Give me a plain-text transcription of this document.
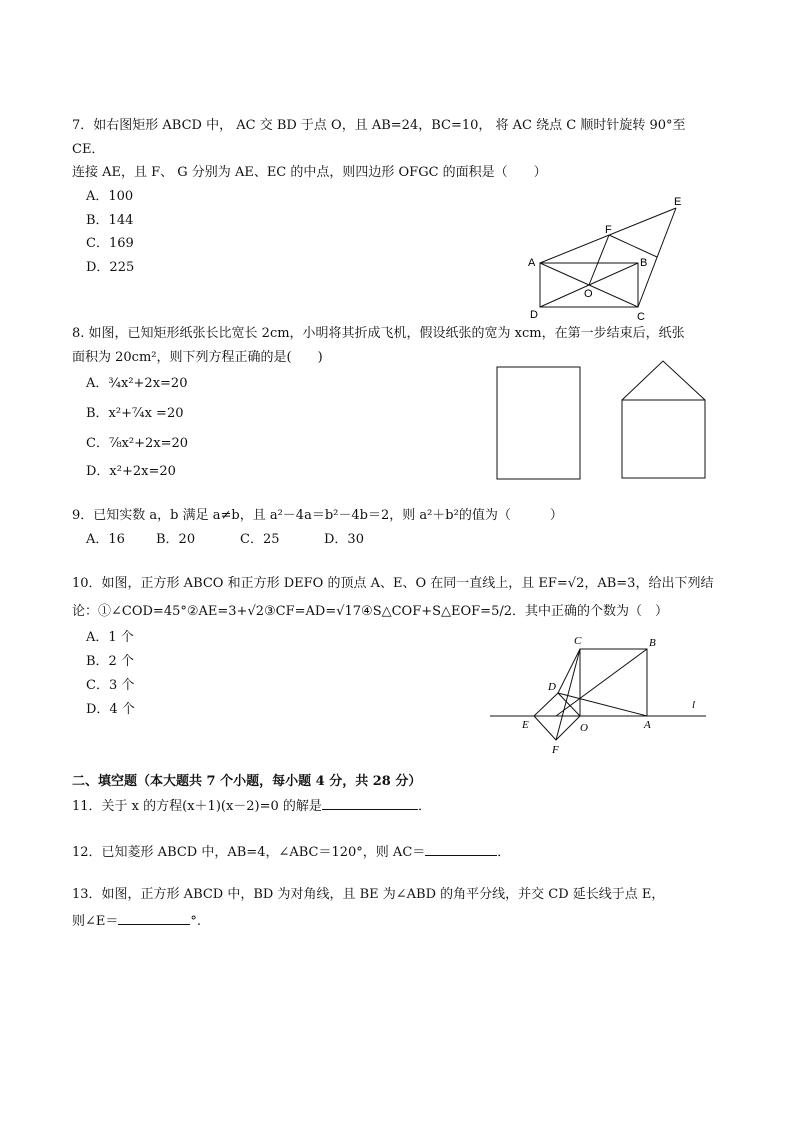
7．如右图矩形 ABCD 中， AC 交 BD 于点 O，且 AB=24，BC=10， 将 AC 绕点 C 顺时针旋转 90°至
CE．
连接 AE，且 F、 G 分别为 AE、EC 的中点，则四边形 OFGC 的面积是（　　）
A．100
B．144
C．169
D．225	A	B
C
D
E
F
O
8. 如图，已知矩形纸张长比宽长 2cm，小明将其折成飞机，假设纸张的宽为 xcm，在第一步结束后，纸张
面积为 20cm²，则下列方程正确的是(　　)
A．¾x²+2x=20
B．x²+⁷⁄₄x =20
C．⁷⁄₈x²+2x=20
D．x²+2x=20
9．已知实数 a，b 满足 a≠b，且 a²－4a＝b²－4b＝2，则 a²＋b²的值为（　　　）
A．16 B．20	C．25	D．30
10．如图，正方形 ABCO 和正方形 DEFO 的顶点 A、E、O 在同一直线上，且 EF=√2，AB=3，给出下列结
论：①∠COD=45°②AE=3+√2③CF=AD=√17④S△COF+S△EOF=5/2．其中正确的个数为（　）
A．1 个
B．2 个
C．3 个
D．4 个
C	B
D
E	O	A
F
l
二、填空题（本大题共 7 个小题，每小题 4 分，共 28 分）
11．关于 x 的方程(x＋1)(x－2)=0 的解是	．
12．已知菱形 ABCD 中，AB=4，∠ABC＝120°，则 AC＝	．
13．如图，正方形 ABCD 中，BD 为对角线，且 BE 为∠ABD 的角平分线，并交 CD 延长线于点 E，
则∠E＝	°.
